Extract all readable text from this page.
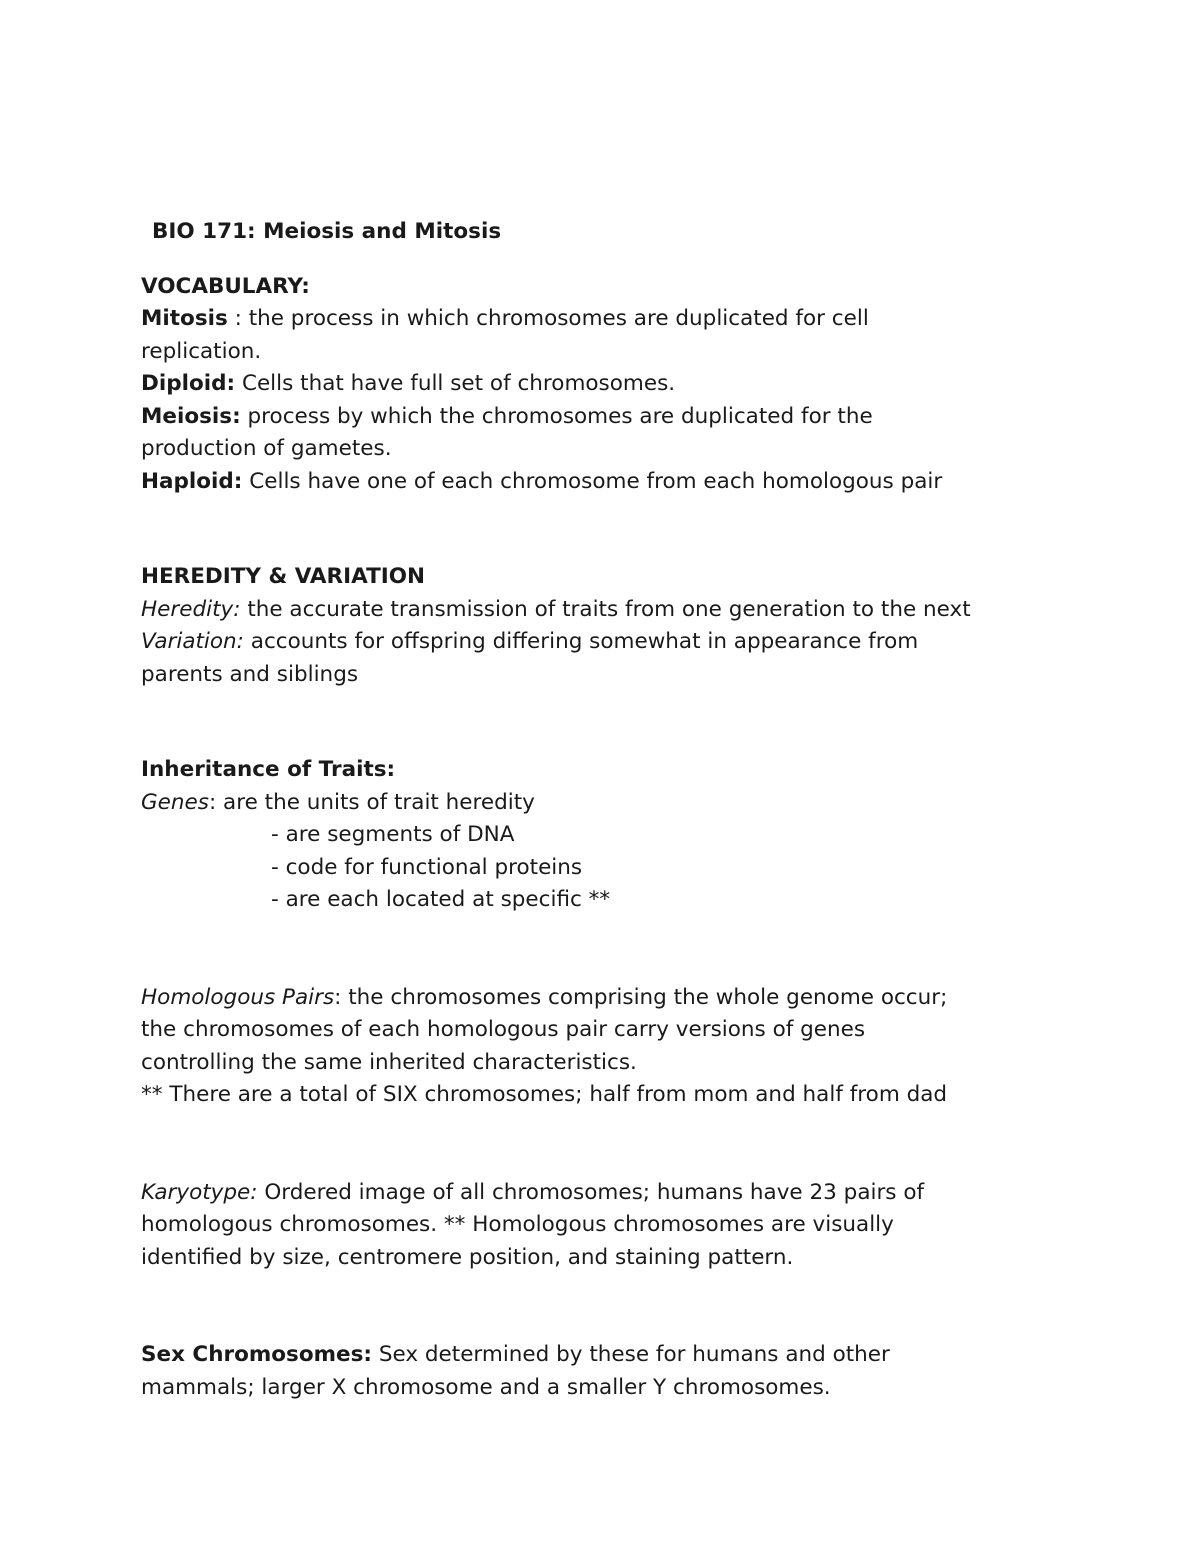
BIO 171: Meiosis and Mitosis
VOCABULARY:
Mitosis : the process in which chromosomes are duplicated for cell
replication.
Diploid: Cells that have full set of chromosomes.
Meiosis: process by which the chromosomes are duplicated for the
production of gametes.
Haploid: Cells have one of each chromosome from each homologous pair
HEREDITY & VARIATION
Heredity: the accurate transmission of traits from one generation to the next
Variation: accounts for offspring differing somewhat in appearance from
parents and siblings
Inheritance of Traits:
Genes: are the units of trait heredity
- are segments of DNA
- code for functional proteins
- are each located at specific **
Homologous Pairs: the chromosomes comprising the whole genome occur;
the chromosomes of each homologous pair carry versions of genes
controlling the same inherited characteristics.
** There are a total of SIX chromosomes; half from mom and half from dad
Karyotype: Ordered image of all chromosomes; humans have 23 pairs of
homologous chromosomes. ** Homologous chromosomes are visually
identified by size, centromere position, and staining pattern.
Sex Chromosomes: Sex determined by these for humans and other
mammals; larger X chromosome and a smaller Y chromosomes.
